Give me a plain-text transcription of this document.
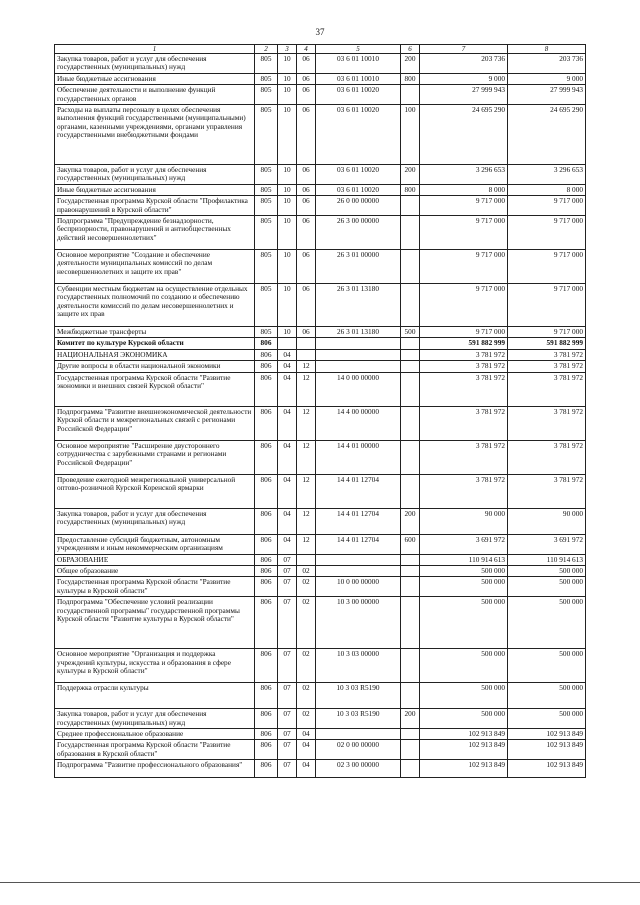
37
1	2	3	4	5	6	7	8
Закупка товаров, работ и услуг для обеспечения государственных (муниципальных) нужд	805	10	06	03 6 01 10010	200	203 736	203 736
Иные бюджетные ассигнования	805	10	06	03 6 01 10010	800	9 000	9 000
Обеспечение деятельности и выполнение функций государственных органов	805	10	06	03 6 01 10020		27 999 943	27 999 943
Расходы на выплаты персоналу в целях обеспечения выполнения функций государственными (муниципальными) органами, казенными учреждениями, органами управления государственными внебюджетными фондами	805	10	06	03 6 01 10020	100	24 695 290	24 695 290
Закупка товаров, работ и услуг для обеспечения государственных (муниципальных) нужд	805	10	06	03 6 01 10020	200	3 296 653	3 296 653
Иные бюджетные ассигнования	805	10	06	03 6 01 10020	800	8 000	8 000
Государственная программа Курской области "Профилактика правонарушений в Курской области"	805	10	06	26 0 00 00000		9 717 000	9 717 000
Подпрограмма "Предупреждение безнадзорности, беспризорности, правонарушений и антиобщественных действий несовершеннолетних"	805	10	06	26 3 00 00000		9 717 000	9 717 000
Основное мероприятие "Создание и обеспечение деятельности муниципальных комиссий по делам несовершеннолетних и защите их прав"	805	10	06	26 3 01 00000		9 717 000	9 717 000
Субвенции местным бюджетам на осуществление отдельных государственных полномочий по созданию и обеспечению деятельности комиссий по делам несовершеннолетних и защите их прав	805	10	06	26 3 01 13180		9 717 000	9 717 000
Межбюджетные трансферты	805	10	06	26 3 01 13180	500	9 717 000	9 717 000
Комитет по культуре Курской области	806					591 882 999	591 882 999
НАЦИОНАЛЬНАЯ ЭКОНОМИКА	806	04				3 781 972	3 781 972
Другие вопросы в области национальной экономики	806	04	12			3 781 972	3 781 972
Государственная программа Курской области "Развитие экономики и внешних связей Курской области"	806	04	12	14 0 00 00000		3 781 972	3 781 972
Подпрограмма "Развитие внешнеэкономической деятельности Курской области и межрегиональных связей с регионами Российской Федерации"	806	04	12	14 4 00 00000		3 781 972	3 781 972
Основное мероприятие "Расширение двустороннего сотрудничества с зарубежными странами и регионами Российской Федерации"	806	04	12	14 4 01 00000		3 781 972	3 781 972
Проведение ежегодной межрегиональной универсальной оптово-розничной Курской Коренской ярмарки	806	04	12	14 4 01 12704		3 781 972	3 781 972
Закупка товаров, работ и услуг для обеспечения государственных (муниципальных) нужд	806	04	12	14 4 01 12704	200	90 000	90 000
Предоставление субсидий бюджетным, автономным учреждениям и иным некоммерческим организациям	806	04	12	14 4 01 12704	600	3 691 972	3 691 972
ОБРАЗОВАНИЕ	806	07				110 914 613	110 914 613
Общее образование	806	07	02			500 000	500 000
Государственная программа Курской области "Развитие культуры в Курской области"	806	07	02	10 0 00 00000		500 000	500 000
Подпрограмма "Обеспечение условий реализации государственной программы" государственной программы Курской области "Развитие культуры в Курской области"	806	07	02	10 3 00 00000		500 000	500 000
Основное мероприятие "Организация и поддержка учреждений культуры, искусства и образования в сфере культуры в Курской области"	806	07	02	10 3 03 00000		500 000	500 000
Поддержка отрасли культуры	806	07	02	10 3 03 R5190		500 000	500 000
Закупка товаров, работ и услуг для обеспечения государственных (муниципальных) нужд	806	07	02	10 3 03 R5190	200	500 000	500 000
Среднее профессиональное образование	806	07	04			102 913 849	102 913 849
Государственная программа Курской области "Развитие образования в Курской области"	806	07	04	02 0 00 00000		102 913 849	102 913 849
Подпрограмма "Развитие профессионального образования"	806	07	04	02 3 00 00000		102 913 849	102 913 849
